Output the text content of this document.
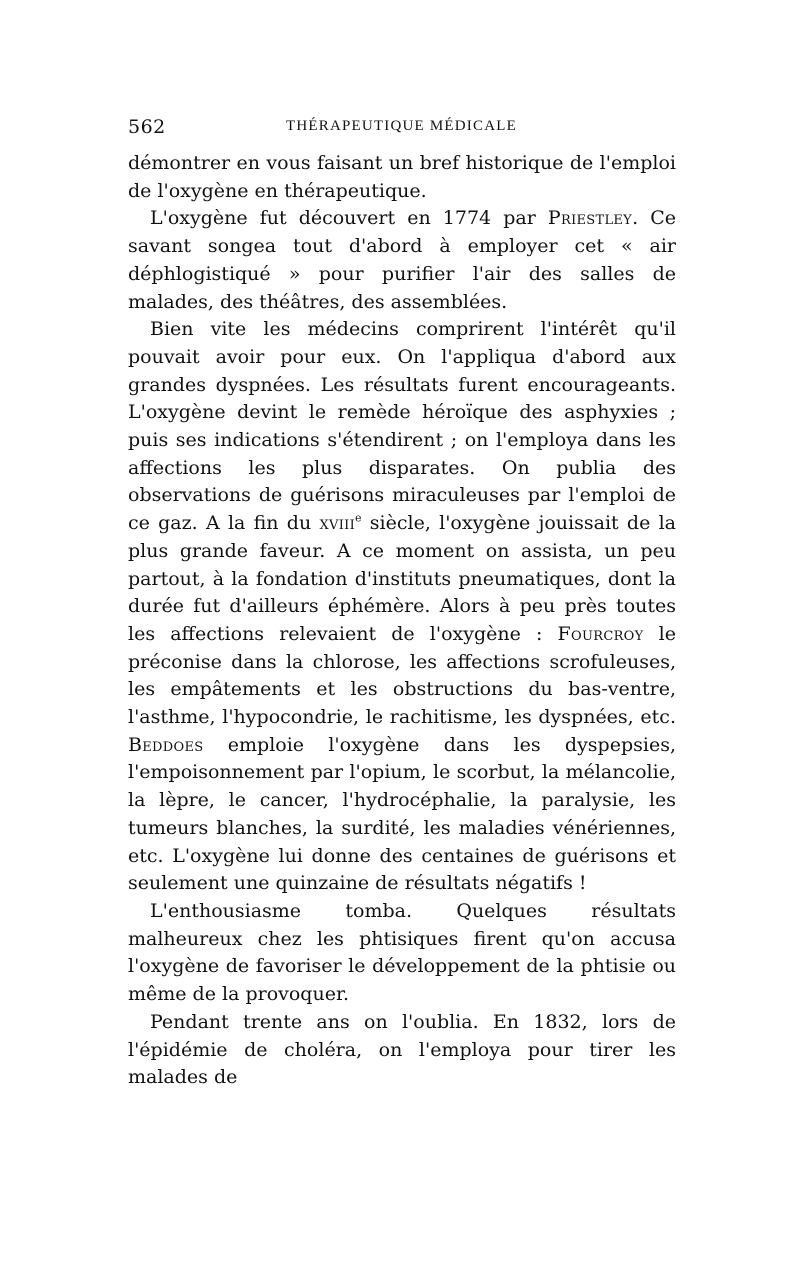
562	THÉRAPEUTIQUE MÉDICALE

démontrer en vous faisant un bref historique de l'emploi de l'oxygène en thérapeutique.

L'oxygène fut découvert en 1774 par Priestley. Ce savant songea tout d'abord à employer cet « air déphlogistiqué » pour purifier l'air des salles de malades, des théâtres, des assemblées.

Bien vite les médecins comprirent l'intérêt qu'il pouvait avoir pour eux. On l'appliqua d'abord aux grandes dyspnées. Les résultats furent encourageants. L'oxygène devint le remède héroïque des asphyxies ; puis ses indications s'étendirent ; on l'employa dans les affections les plus disparates. On publia des observations de guérisons miraculeuses par l'emploi de ce gaz. A la fin du xviii$^e$ siècle, l'oxygène jouissait de la plus grande faveur. A ce moment on assista, un peu partout, à la fondation d'instituts pneumatiques, dont la durée fut d'ailleurs éphémère. Alors à peu près toutes les affections relevaient de l'oxygène : Fourcroy le préconise dans la chlorose, les affections scrofuleuses, les empâtements et les obstructions du bas-ventre, l'asthme, l'hypocondrie, le rachitisme, les dyspnées, etc. Beddoes emploie l'oxygène dans les dyspepsies, l'empoisonnement par l'opium, le scorbut, la mélancolie, la lèpre, le cancer, l'hydrocéphalie, la paralysie, les tumeurs blanches, la surdité, les maladies vénériennes, etc. L'oxygène lui donne des centaines de guérisons et seulement une quinzaine de résultats négatifs !

L'enthousiasme tomba. Quelques résultats malheureux chez les phtisiques firent qu'on accusa l'oxygène de favoriser le développement de la phtisie ou même de la provoquer.

Pendant trente ans on l'oublia. En 1832, lors de l'épidémie de choléra, on l'employa pour tirer les malades de
